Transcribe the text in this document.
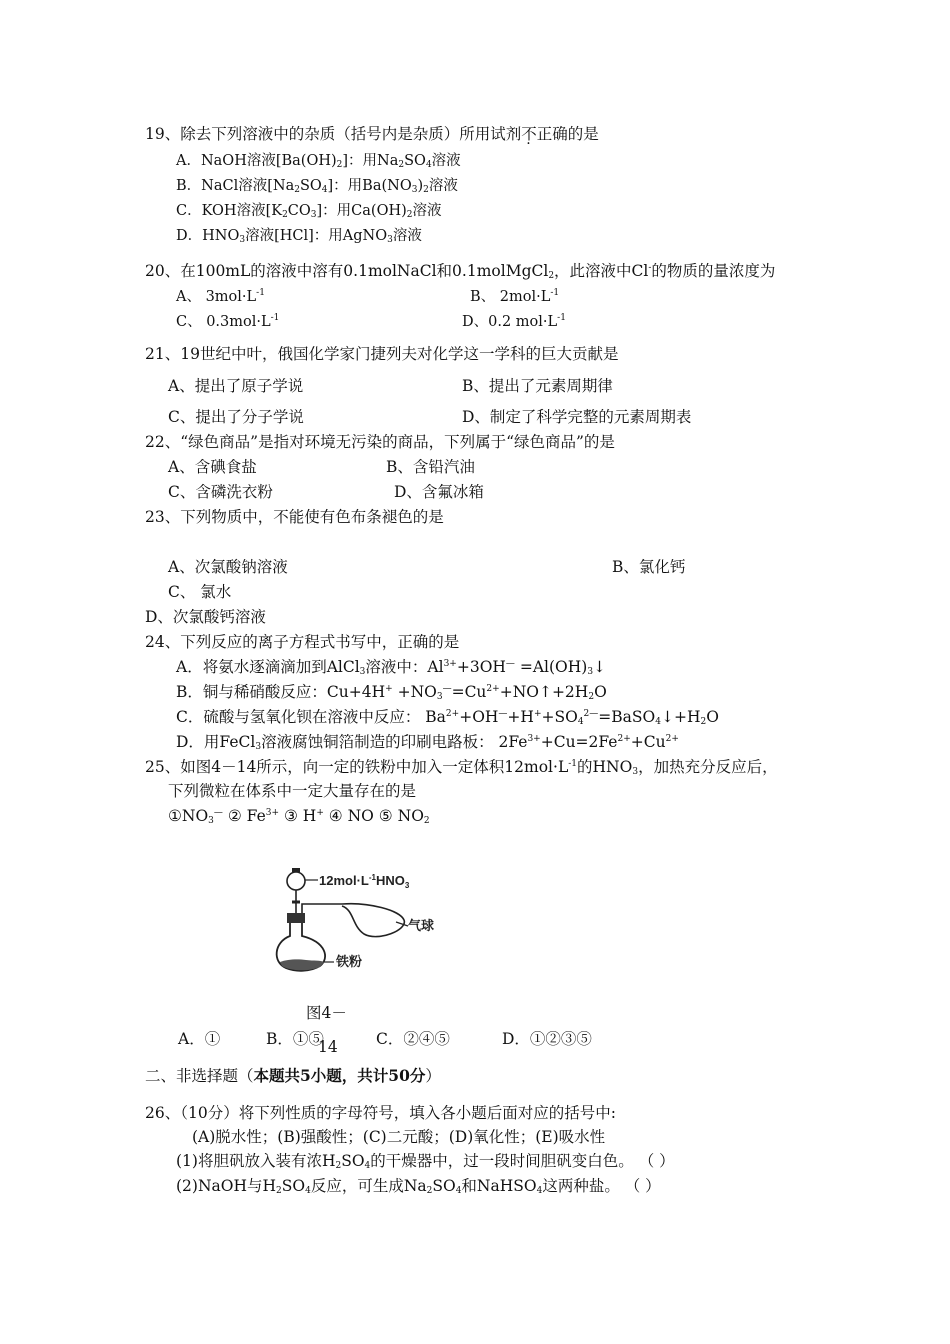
19、除去下列溶液中的杂质（括号内是杂质）所用试剂不正确的是
A．NaOH溶液$[Ba(OH)_2]$：用$Na_2SO_4$溶液
B．NaCl溶液$[Na_2SO_4]$：用$Ba(NO_3)_2$溶液
C．KOH溶液$[K_2CO_3]$：用$Ca(OH)_2$溶液
D．$HNO_3$溶液[HCl]：用AgNO$_3$溶液
20、在100mL的溶液中溶有0.1molNaCl和0.1molMgCl$_2$，此溶液中Cl-的物质的量浓度为
A、 $3mol\cdot L^{-1}$	B、 $2mol\cdot L^{-1}$
C、 $0.3mol\cdot L^{-1}$	D、0.2 $mol\cdot L^{-1}$
21、19世纪中叶，俄国化学家门捷列夫对化学这一学科的巨大贡献是
A、提出了原子学说	B、提出了元素周期律
C、提出了分子学说	D、制定了科学完整的元素周期表
22、“绿色商品”是指对环境无污染的商品，下列属于“绿色商品”的是
A、含碘食盐	B、含铅汽油
C、含磷洗衣粉	D、含氟冰箱
23、下列物质中，不能使有色布条褪色的是
A、次氯酸钠溶液	B、氯化钙
C、 氯水
D、次氯酸钙溶液
24、下列反应的离子方程式书写中，正确的是
A．将氨水逐滴滴加到AlCl$_3$溶液中：$Al^{3+}+3OH^—$ $=Al(OH)_3↓$
B．铜与稀硝酸反应：$Cu+4H^+ +NO_3^—=Cu^{2+}+NO↑+2H_2O$
C．硫酸与氢氧化钡在溶液中反应： $Ba^{2+}+OH^—+H^++SO_4^{2—}=BaSO_4↓+H_2O$
D．用FeCl$_3$溶液腐蚀铜箔制造的印刷电路板： $2Fe^{3+}+Cu=2Fe^{2+}+Cu^{2+}$
25、如图4－14所示，向一定的铁粉中加入一定体积$12mol\cdot L^{-1}$的$HNO_3$，加热充分反应后，
下列微粒在体系中一定大量存在的是
$①NO_3^—$ ② $Fe^{3+}$ ③ H+ ④ NO ⑤ $NO_2$
$12mol\cdot L^{-1}HNO_3$
气球
铁粉
图4－
14
A．①	B．①⑤	C．②④⑤	D．①②③⑤
二、非选择题（本题共5小题，共计50分）
26、（10分）将下列性质的字母符号，填入各小题后面对应的括号中:
(A)脱水性；(B)强酸性；(C)二元酸；(D)氧化性；(E)吸水性
(1)将胆矾放入装有浓$H_2SO_4$的干燥器中，过一段时间胆矾变白色。 （ ）
(2)NaOH与$H_2SO_4$反应，可生成$Na_2SO_4$和NaHSO$_4$这两种盐。 （ ）
